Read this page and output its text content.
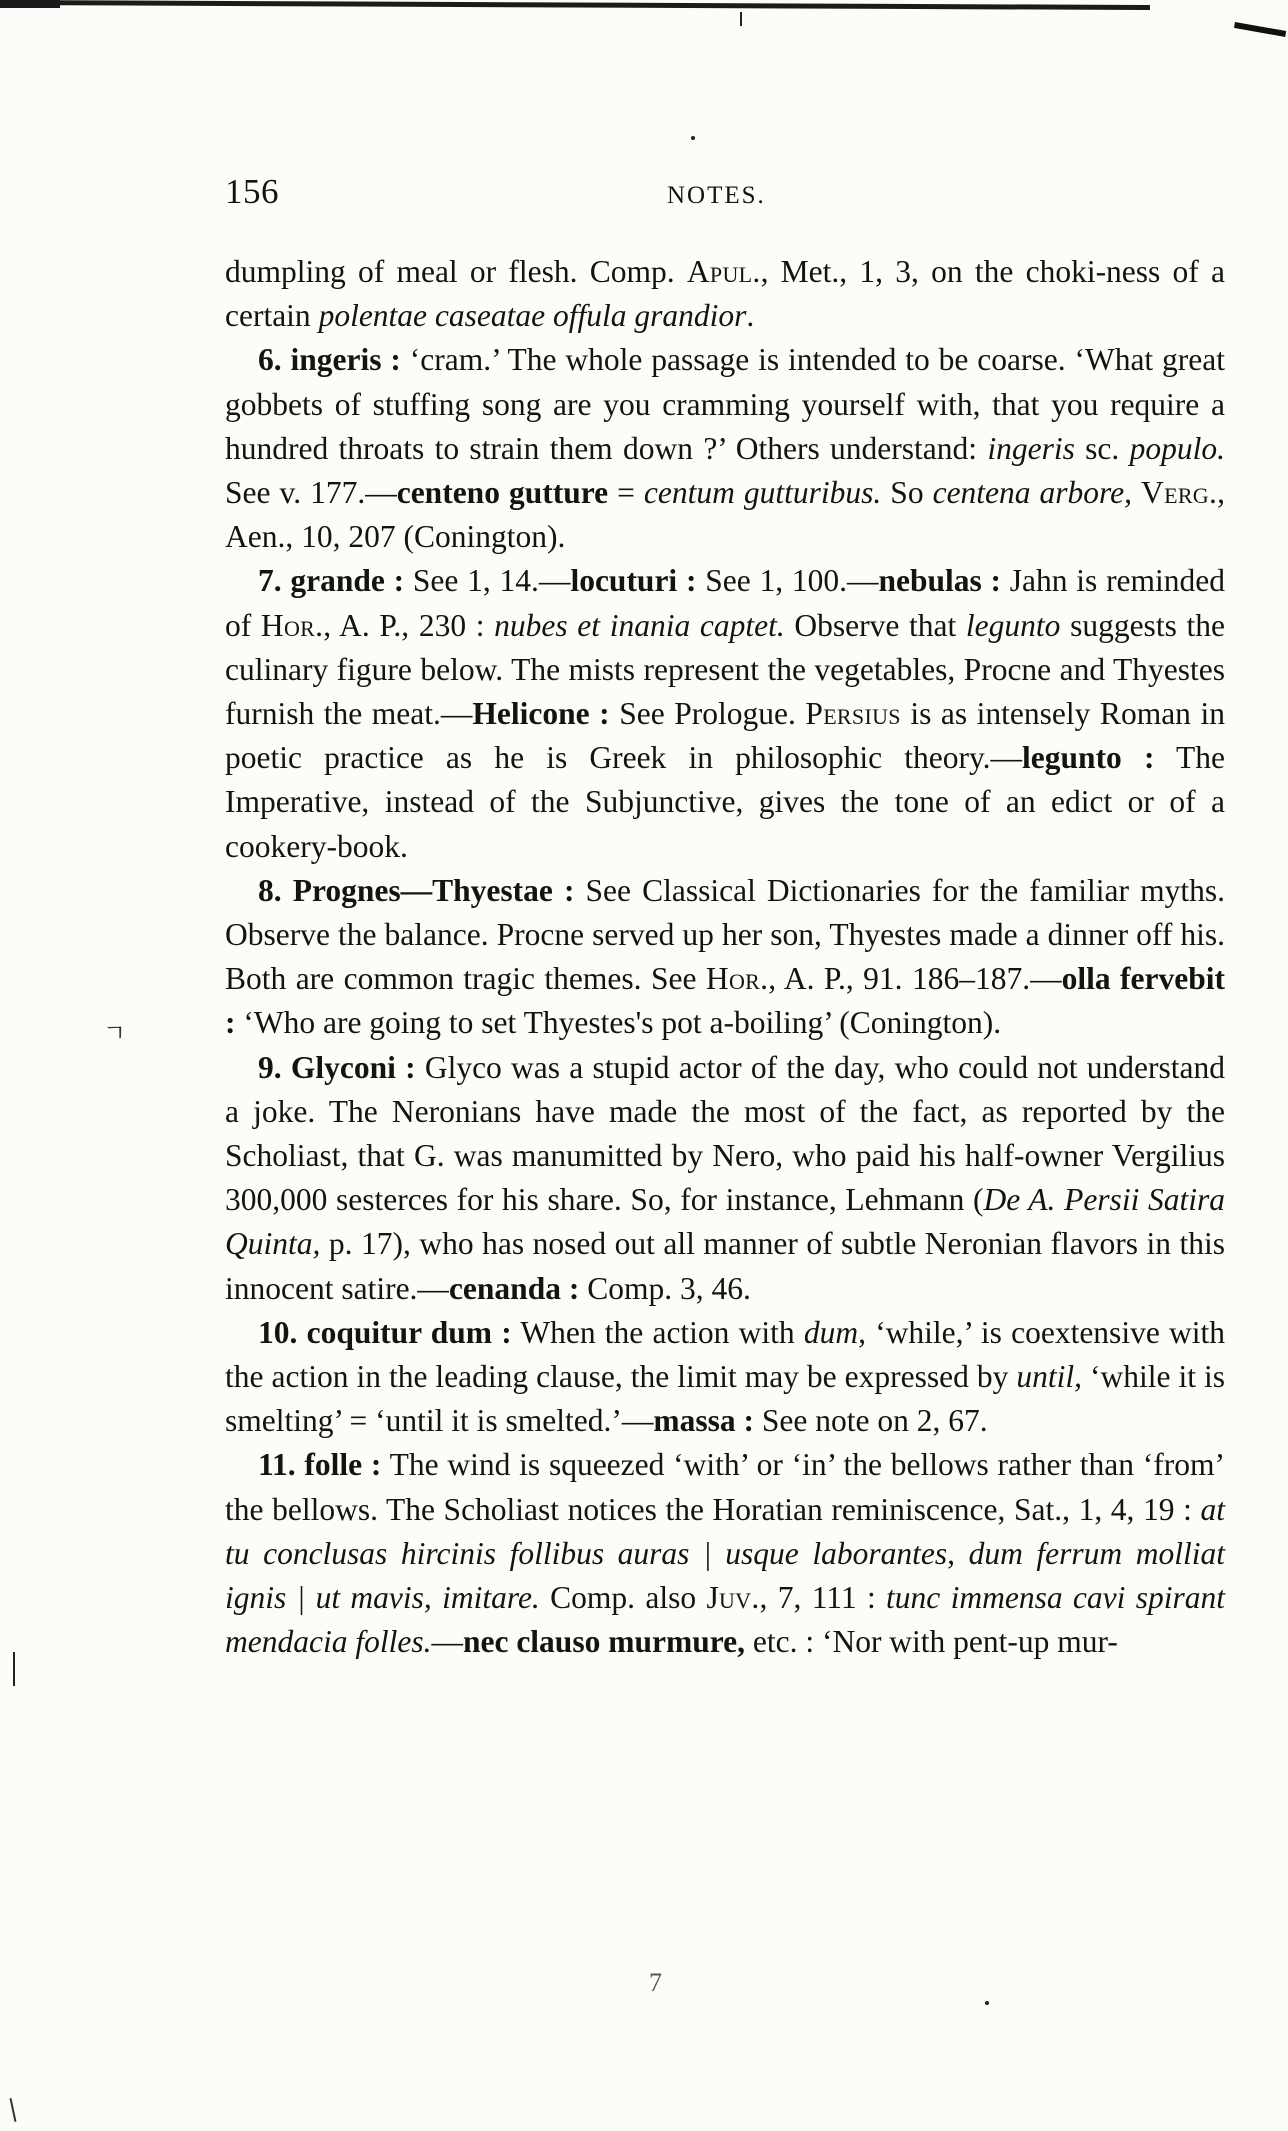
ㄱ
156	NOTES.

dumpling of meal or flesh. Comp. Apul., Met., 1, 3, on the choki-ness of a certain polentae caseatae offula grandior.

6. ingeris : ‘cram.’ The whole passage is intended to be coarse. ‘What great gobbets of stuffing song are you cramming yourself with, that you require a hundred throats to strain them down ?’ Others understand: ingeris sc. populo. See v. 177.—centeno gutture = centum gutturibus. So centena arbore, Verg., Aen., 10, 207 (Conington).

7. grande : See 1, 14.—locuturi : See 1, 100.—nebulas : Jahn is reminded of Hor., A. P., 230 : nubes et inania captet. Observe that legunto suggests the culinary figure below. The mists represent the vegetables, Procne and Thyestes furnish the meat.—Helicone : See Prologue. Persius is as intensely Roman in poetic practice as he is Greek in philosophic theory.—legunto : The Imperative, instead of the Subjunctive, gives the tone of an edict or of a cookery-book.

8. Prognes—Thyestae : See Classical Dictionaries for the familiar myths. Observe the balance. Procne served up her son, Thyestes made a dinner off his. Both are common tragic themes. See Hor., A. P., 91. 186–187.—olla fervebit : ‘Who are going to set Thyestes's pot a-boiling’ (Conington).

9. Glyconi : Glyco was a stupid actor of the day, who could not understand a joke. The Neronians have made the most of the fact, as reported by the Scholiast, that G. was manumitted by Nero, who paid his half-owner Vergilius 300,000 sesterces for his share. So, for instance, Lehmann (De A. Persii Satira Quinta, p. 17), who has nosed out all manner of subtle Neronian flavors in this innocent satire.—cenanda : Comp. 3, 46.

10. coquitur dum : When the action with dum, ‘while,’ is coextensive with the action in the leading clause, the limit may be expressed by until, ‘while it is smelting’ = ‘until it is smelted.’—massa : See note on 2, 67.

11. folle : The wind is squeezed ‘with’ or ‘in’ the bellows rather than ‘from’ the bellows. The Scholiast notices the Horatian reminiscence, Sat., 1, 4, 19 : at tu conclusas hircinis follibus auras | usque laborantes, dum ferrum molliat ignis | ut mavis, imitare. Comp. also Juv., 7, 111 : tunc immensa cavi spirant mendacia folles.—nec clauso murmure, etc. : ‘Nor with pent-up mur-

7
